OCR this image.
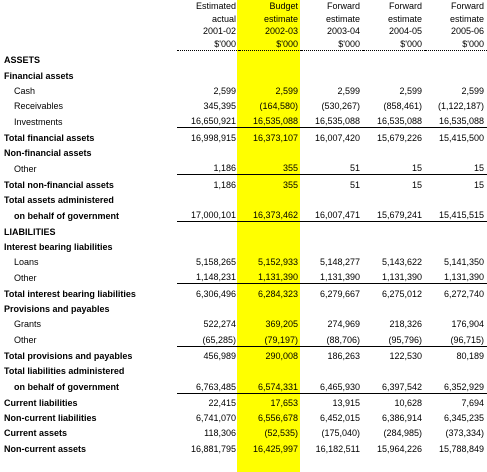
	Estimated	Budget	Forward	Forward	Forward
	actual	estimate	estimate	estimate	estimate
	2001-02	2002-03	2003-04	2004-05	2005-06
	$'000	$'000	$'000	$'000	$'000
ASSETS					
Financial assets					
Cash	2,599	2,599	2,599	2,599	2,599
Receivables	345,395	(164,580)	(530,267)	(858,461)	(1,122,187)
Investments	16,650,921	16,535,088	16,535,088	16,535,088	16,535,088
Total financial assets	16,998,915	16,373,107	16,007,420	15,679,226	15,415,500
Non-financial assets					
Other	1,186	355	51	15	15
Total non-financial assets	1,186	355	51	15	15
Total assets administered					
on behalf of government	17,000,101	16,373,462	16,007,471	15,679,241	15,415,515
LIABILITIES					
Interest bearing liabilities					
Loans	5,158,265	5,152,933	5,148,277	5,143,622	5,141,350
Other	1,148,231	1,131,390	1,131,390	1,131,390	1,131,390
Total interest bearing liabilities	6,306,496	6,284,323	6,279,667	6,275,012	6,272,740
Provisions and payables					
Grants	522,274	369,205	274,969	218,326	176,904
Other	(65,285)	(79,197)	(88,706)	(95,796)	(96,715)
Total provisions and payables	456,989	290,008	186,263	122,530	80,189
Total liabilities administered					
on behalf of government	6,763,485	6,574,331	6,465,930	6,397,542	6,352,929
Current liabilities	22,415	17,653	13,915	10,628	7,694
Non-current liabilities	6,741,070	6,556,678	6,452,015	6,386,914	6,345,235
Current assets	118,306	(52,535)	(175,040)	(284,985)	(373,334)
Non-current assets	16,881,795	16,425,997	16,182,511	15,964,226	15,788,849
